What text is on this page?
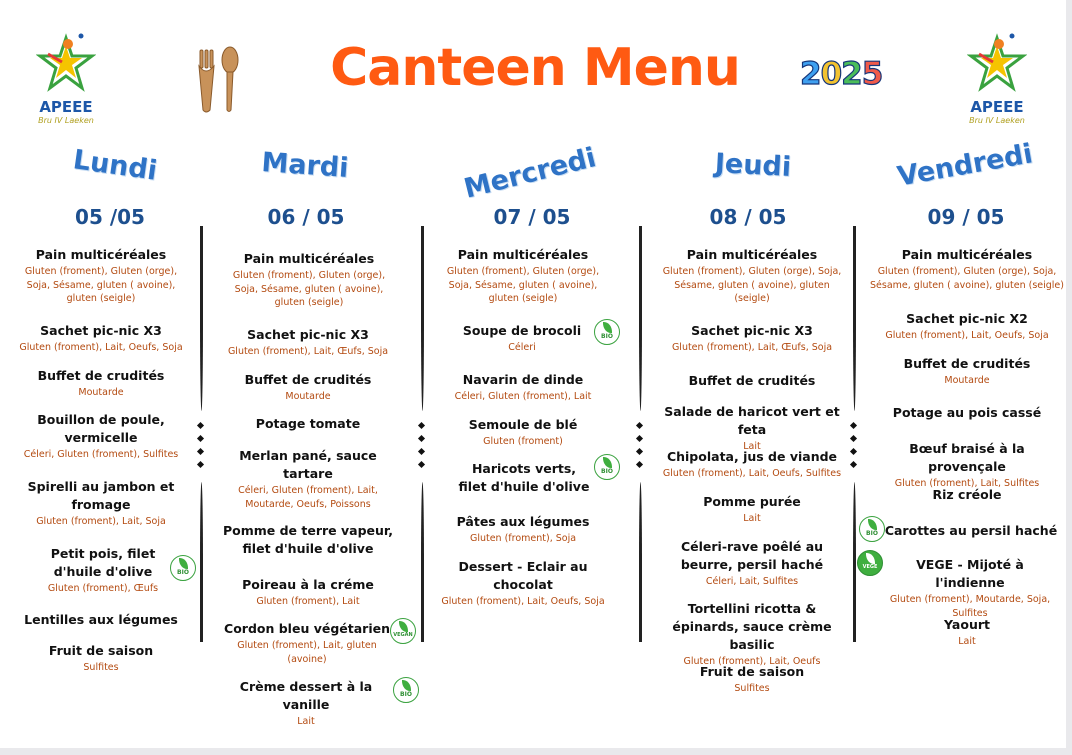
APEEE
Bru IV Laeken
Canteen Menu 2025
APEEE
Bru IV Laeken
Lundi	Mardi	Mercredi	Jeudi	Vendredi
05 /05	06 / 05	07 / 05	08 / 05	09 / 05
Pain multicéréales
Gluten (froment), Gluten (orge), Soja, Sésame, gluten ( avoine), gluten (seigle)
Sachet pic-nic X3
Gluten (froment), Lait, Oeufs, Soja
Buffet de crudités
Moutarde
Bouillon de poule, vermicelle
Céleri, Gluten (froment), Sulfites
Spirelli au jambon et fromage
Gluten (froment), Lait, Soja
Petit pois, filet d'huile d'olive
Gluten (froment), Œufs
BIO
Lentilles aux légumes
Fruit de saison
Sulfites
Pain multicéréales
Gluten (froment), Gluten (orge), Soja, Sésame, gluten ( avoine), gluten (seigle)
Sachet pic-nic X3
Gluten (froment), Lait, Œufs, Soja
Buffet de crudités
Moutarde
Potage tomate
Merlan pané, sauce tartare
Céleri, Gluten (froment), Lait, Moutarde, Oeufs, Poissons
Pomme de terre vapeur, filet d'huile d'olive
Poireau à la créme
Gluten (froment), Lait
Cordon bleu végétarien
Gluten (froment), Lait, gluten (avoine)
VEGAN
Crème dessert à la vanille
Lait
BIO
Pain multicéréales
Gluten (froment), Gluten (orge), Soja, Sésame, gluten ( avoine), gluten (seigle)
Soupe de brocoli
Céleri
BIO
Navarin de dinde
Céleri, Gluten (froment), Lait
Semoule de blé
Gluten (froment)
Haricots verts, filet d'huile d'olive
BIO
Pâtes aux légumes
Gluten (froment), Soja
Dessert - Eclair au chocolat
Gluten (froment), Lait, Oeufs, Soja
Pain multicéréales
Gluten (froment), Gluten (orge), Soja, Sésame, gluten ( avoine), gluten (seigle)
Sachet pic-nic X3
Gluten (froment), Lait, Œufs, Soja
Buffet de crudités
Salade de haricot vert et feta
Lait
Chipolata, jus de viande
Gluten (froment), Lait, Oeufs, Sulfites
Pomme purée
Lait
Céleri-rave poêlé au beurre, persil haché
Céleri, Lait, Sulfites
Tortellini ricotta & épinards, sauce crème basilic
Gluten (froment), Lait, Oeufs
Fruit de saison
Sulfites
Pain multicéréales
Gluten (froment), Gluten (orge), Soja, Sésame, gluten ( avoine), gluten (seigle)
Sachet pic-nic X2
Gluten (froment), Lait, Oeufs, Soja
Buffet de crudités
Moutarde
Potage au pois cassé
Bœuf braisé à la provençale
Gluten (froment), Lait, Sulfites
Riz créole
BIO Carottes au persil haché
VEGE	VEGE - Mijoté à l'indienne
Gluten (froment), Moutarde, Soja, Sulfites
Yaourt
Lait
